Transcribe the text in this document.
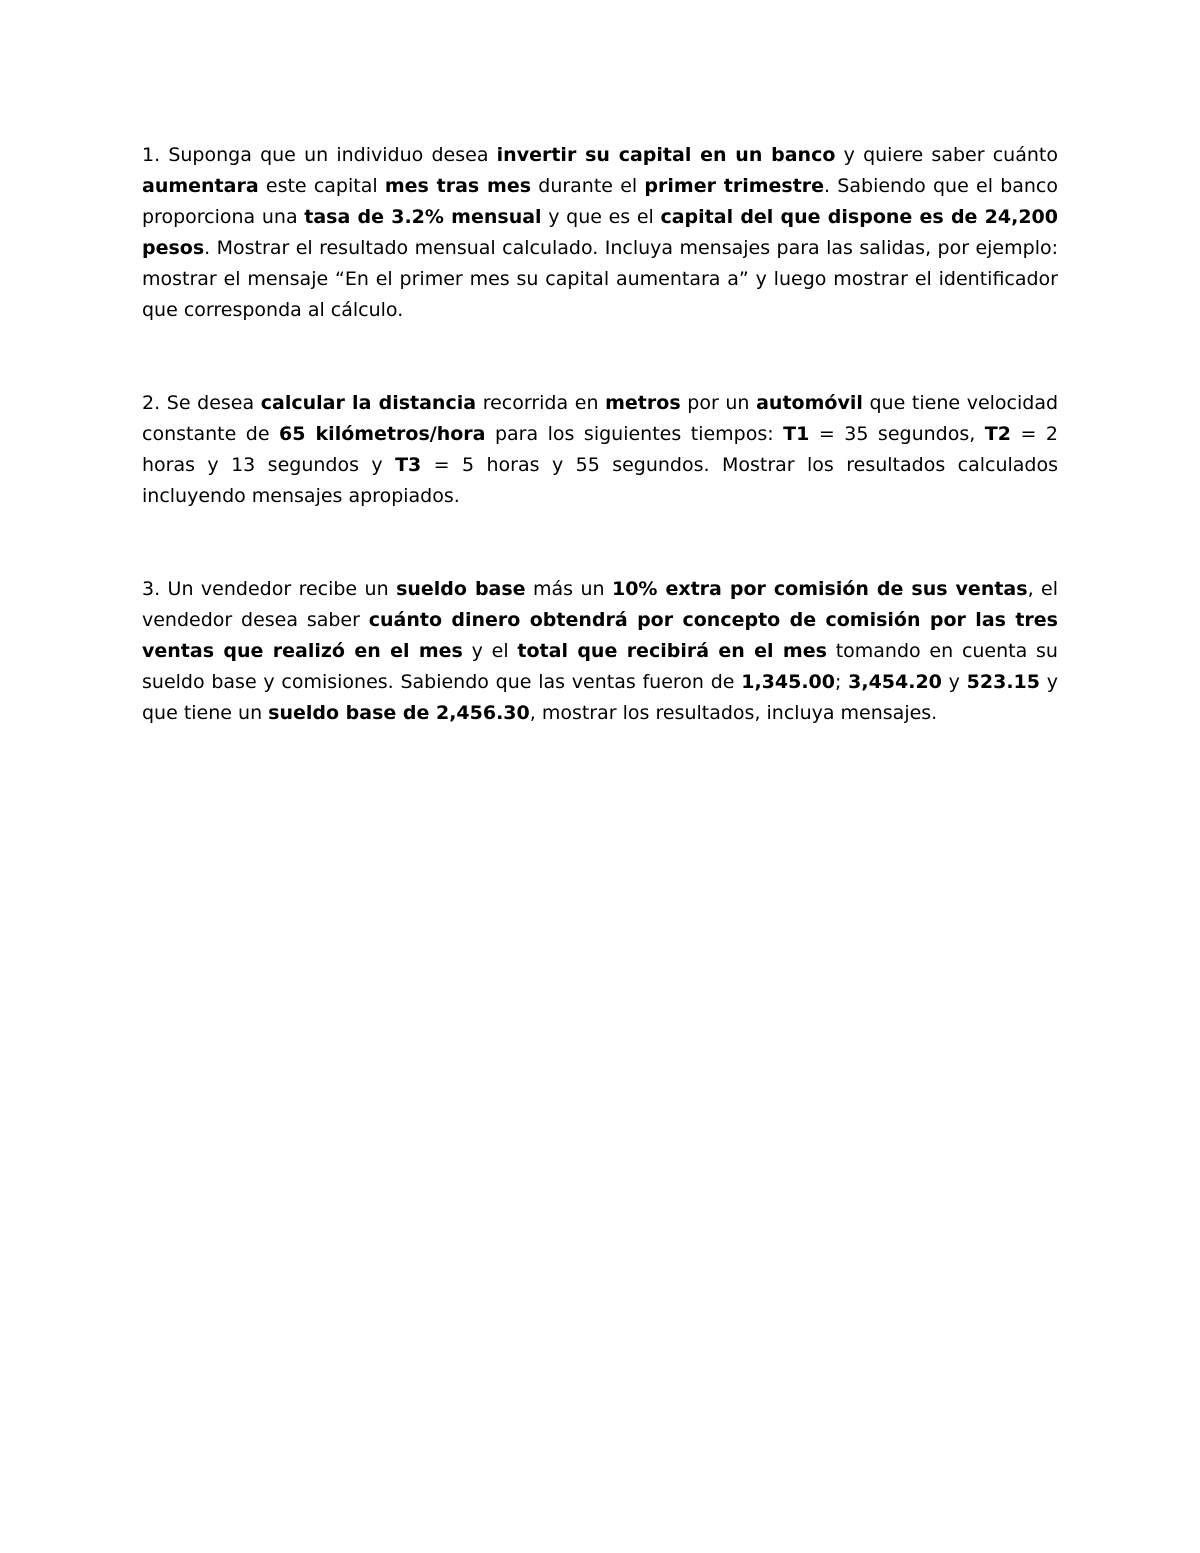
1. Suponga que un individuo desea invertir su capital en un banco y quiere saber cuánto aumentara este capital mes tras mes durante el primer trimestre. Sabiendo que el banco proporciona una tasa de 3.2% mensual y que es el capital del que dispone es de 24,200 pesos. Mostrar el resultado mensual calculado. Incluya mensajes para las salidas, por ejemplo: mostrar el mensaje “En el primer mes su capital aumentara a” y luego mostrar el identificador que corresponda al cálculo.

2. Se desea calcular la distancia recorrida en metros por un automóvil que tiene velocidad constante de 65 kilómetros/hora para los siguientes tiempos: T1 = 35 segundos, T2 = 2 horas y 13 segundos y T3 = 5 horas y 55 segundos. Mostrar los resultados calculados incluyendo mensajes apropiados.

3. Un vendedor recibe un sueldo base más un 10% extra por comisión de sus ventas, el vendedor desea saber cuánto dinero obtendrá por concepto de comisión por las tres ventas que realizó en el mes y el total que recibirá en el mes tomando en cuenta su sueldo base y comisiones. Sabiendo que las ventas fueron de 1,345.00; 3,454.20 y 523.15 y que tiene un sueldo base de 2,456.30, mostrar los resultados, incluya mensajes.
